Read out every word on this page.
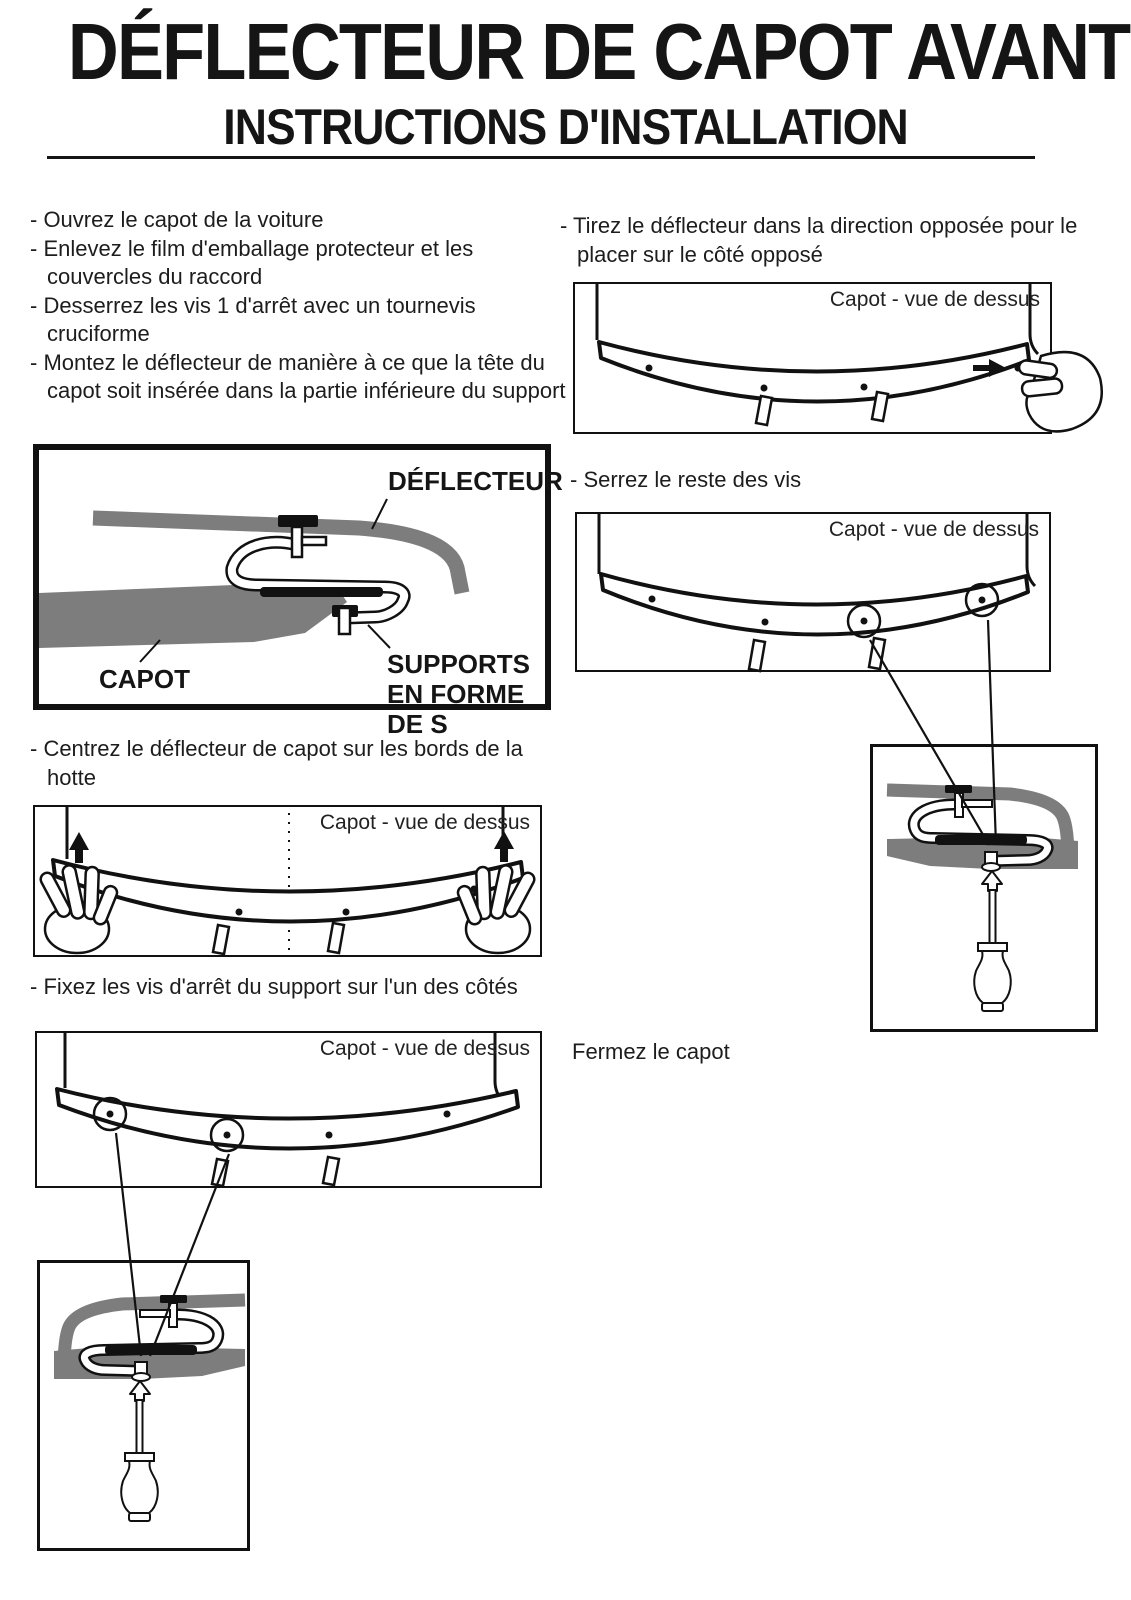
DÉFLECTEUR DE CAPOT AVANT
INSTRUCTIONS D'INSTALLATION
- Ouvrez le capot de la voiture
- Enlevez le film d'emballage protecteur et les couvercles du raccord
- Desserrez les vis 1 d'arrêt avec un tournevis cruciforme
- Montez le déflecteur de manière à ce que la tête du capot soit insérée dans la partie inférieure du support
- Tirez le déflecteur dans la direction opposée pour le placer sur le côté opposé
Capot - vue de dessus
- Serrez le reste des vis
Capot - vue de dessus
DÉFLECTEUR
CAPOT	SUPPORTS EN FORME DE S
- Centrez le déflecteur de capot sur les bords de la hotte
Capot - vue de dessus
- Fixez les vis d'arrêt du support sur l'un des côtés
Capot - vue de dessus Fermez le capot
